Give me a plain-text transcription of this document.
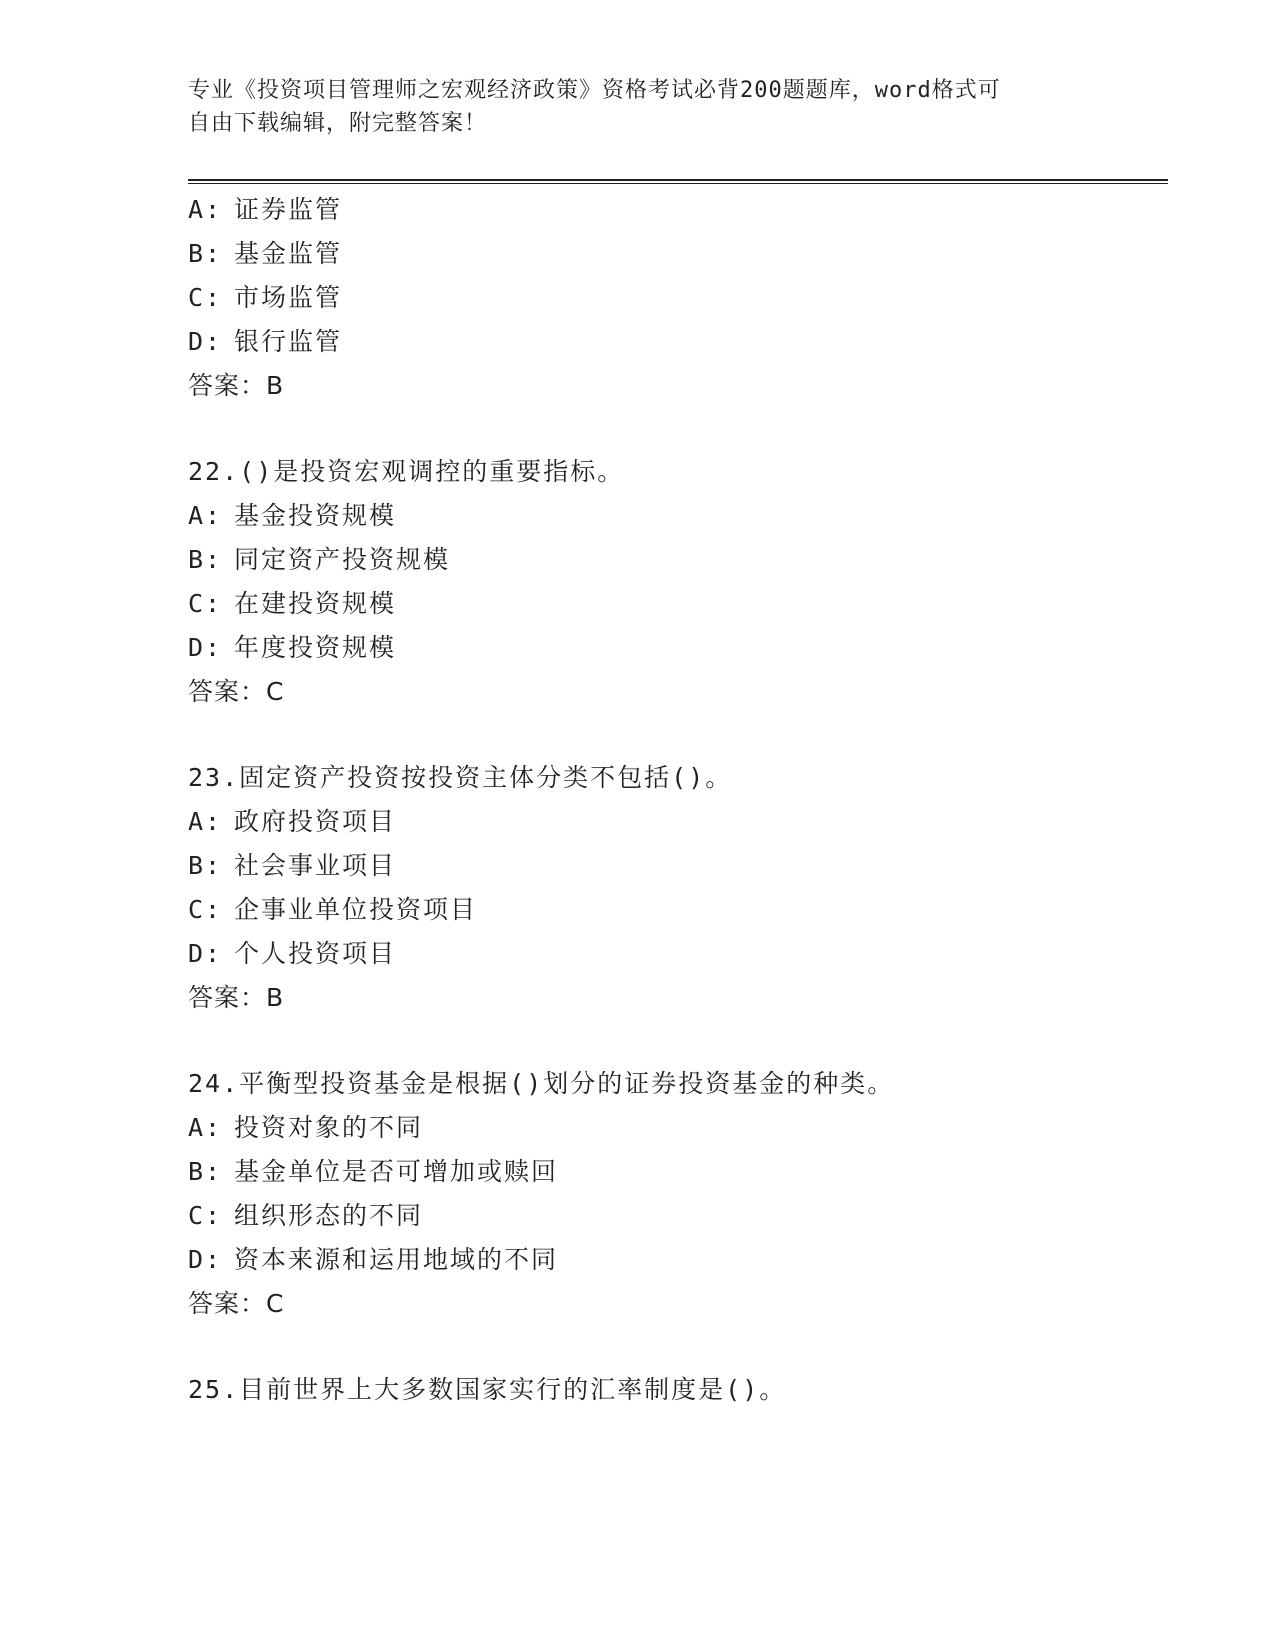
专业《投资项目管理师之宏观经济政策》资格考试必背200题题库，word格式可
自由下载编辑，附完整答案！
A: 证券监管
B: 基金监管
C: 市场监管
D: 银行监管
答案：B
22.()是投资宏观调控的重要指标。
A: 基金投资规模
B: 同定资产投资规模
C: 在建投资规模
D: 年度投资规模
答案：C
23.固定资产投资按投资主体分类不包括()。
A: 政府投资项目
B: 社会事业项目
C: 企事业单位投资项目
D: 个人投资项目
答案：B
24.平衡型投资基金是根据()划分的证券投资基金的种类。
A: 投资对象的不同
B: 基金单位是否可增加或赎回
C: 组织形态的不同
D: 资本来源和运用地域的不同
答案：C
25.目前世界上大多数国家实行的汇率制度是()。
